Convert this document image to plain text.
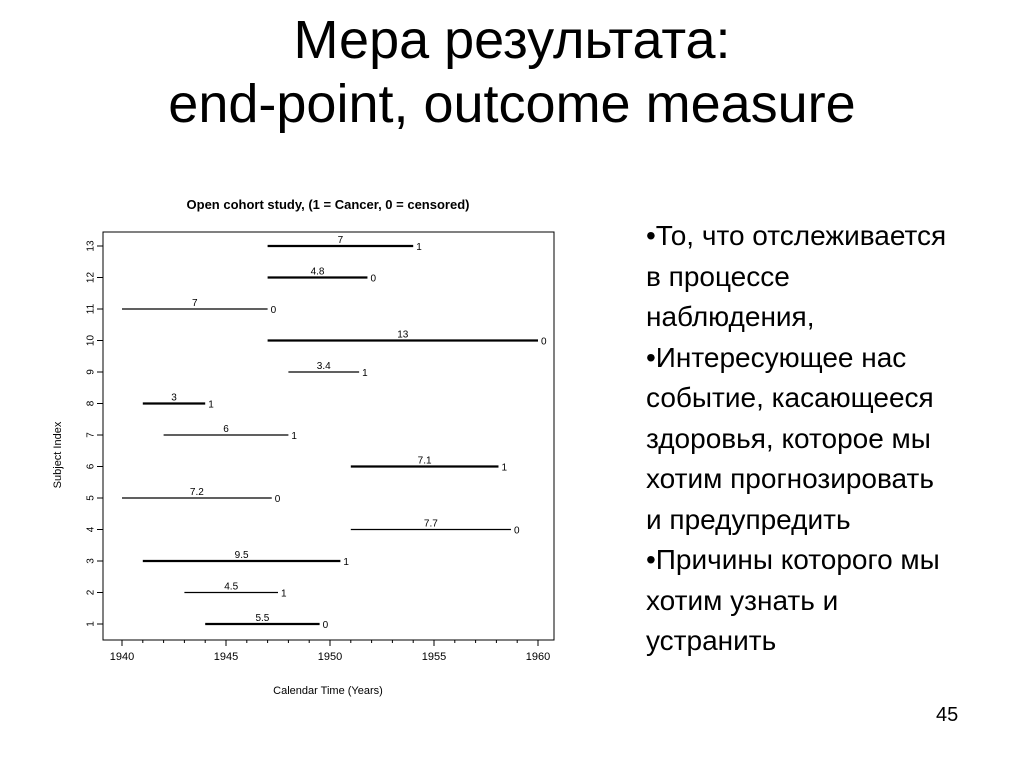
Мера результата:
end-point, outcome measure
Open cohort study, (1 = Cancer, 0 = censored)
1940	1945	1950	1955	1960
1
2
3
4
5
6
7
8
9
10
11
12
13
5.5
0
4.5
1
9.5
1
7.7
0
7.2
0
7.1
1
6
1
3
1
3.4
1
13
0
7
0
4.8
0
7
1
Calendar Time (Years)
Subject Index
•То, что отслеживается
в процессе
наблюдения,
•Интересующее нас
событие, касающееся
здоровья, которое мы
хотим прогнозировать
и предупредить
•Причины которого мы
хотим узнать и
устранить
45
